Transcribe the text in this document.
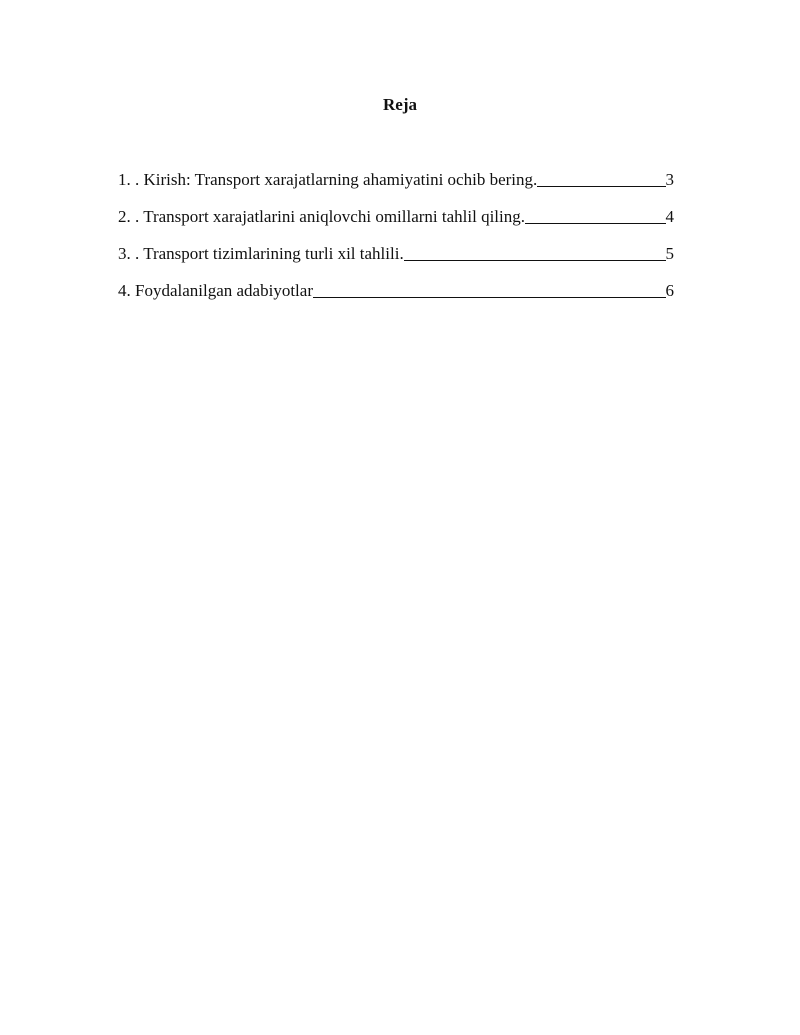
Reja
1. . Kirish: Transport xarajatlarning ahamiyatini ochib bering.	3
2. . Transport xarajatlarini aniqlovchi omillarni tahlil qiling.	4
3. . Transport tizimlarining turli xil tahlili.	5
4. Foydalanilgan adabiyotlar	6
